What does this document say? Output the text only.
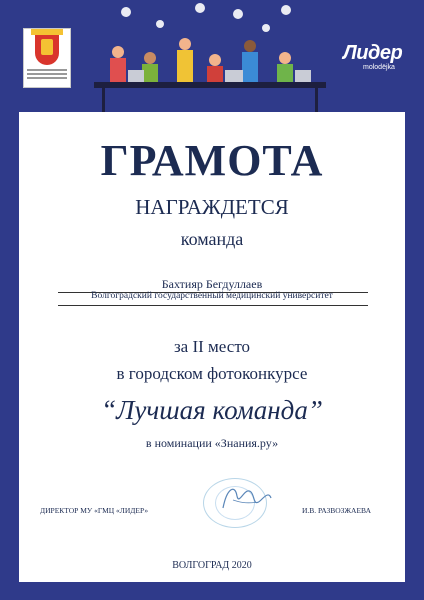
Лидер
molodёjka
ГРАМОТА
НАГРАЖДЕТСЯ
команда
Бахтияр Бегдуллаев
Волгоградский государственный медицинский университет
за II место
в городском фотоконкурсе
“Лучшая команда”
в номинации «Знания.ру»
ДИРЕКТОР МУ «ГМЦ «ЛИДЕР»	И.В. РАЗВОЗЖАЕВА
ВОЛГОГРАД 2020
